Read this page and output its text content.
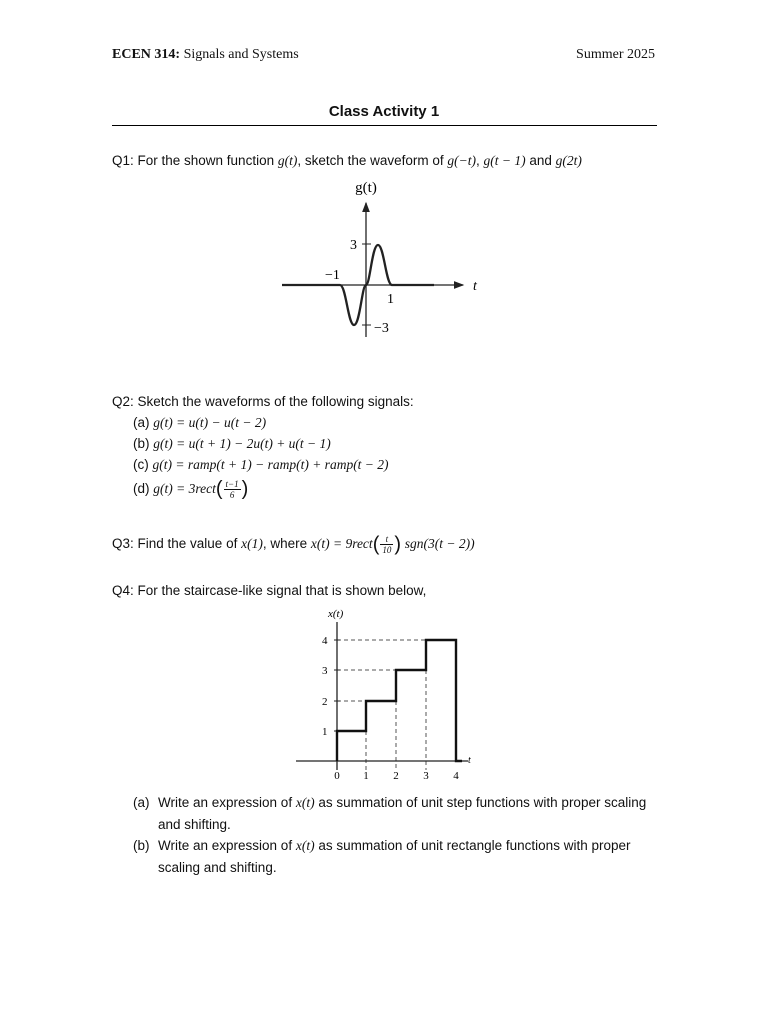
ECEN 314: Signals and Systems	Summer 2025
Class Activity 1
Q1: For the shown function g(t), sketch the waveform of g(−t), g(t − 1) and g(2t)
g(t)
t
3
−1
1
−3
Q2: Sketch the waveforms of the following signals:
(a) g(t) = u(t) − u(t − 2)
(b) g(t) = u(t + 1) − 2u(t) + u(t − 1)
(c) g(t) = ramp(t + 1) − ramp(t) + ramp(t − 2)
(d) g(t) = 3rect( $\frac{t-1}{6}$ )
Q3: Find the value of x(1), where x(t) = 9rect( $\frac{t}{10}$ ) sgn(3(t − 2))
Q4: For the staircase-like signal that is shown below,
x(t)
t
1
2
3
4
0 1 2 3 4
(a) Write an expression of x(t) as summation of unit step functions with proper scaling and shifting.
(b) Write an expression of x(t) as summation of unit rectangle functions with proper scaling and shifting.
